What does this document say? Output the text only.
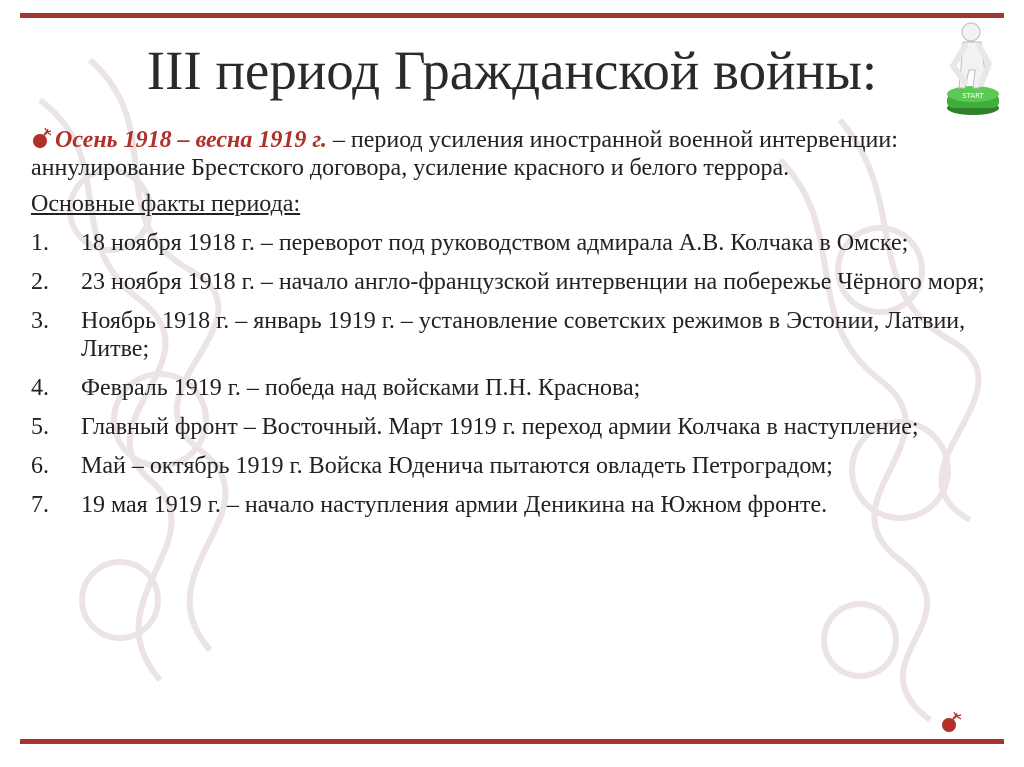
III период Гражданской войны:	START

Осень 1918 – весна 1919 г. – период усиления иностранной военной интервенции: аннулирование Брестского договора, усиление красного и белого террора.

Основные факты периода:

1.	18 ноября 1918 г. – переворот под руководством адмирала А.В. Колчака в Омске;
2.	23 ноября 1918 г. – начало англо-французской интервенции на побережье Чёрного моря;
3.	Ноябрь 1918 г. – январь 1919 г. – установление советских режимов в Эстонии, Латвии, Литве;
4.	Февраль 1919 г. – победа над войсками П.Н. Краснова;
5.	Главный фронт – Восточный. Март 1919 г. переход армии Колчака в наступление;
6.	Май – октябрь 1919 г. Войска Юденича пытаются овладеть Петроградом;
7.	19 мая 1919 г. – начало наступления армии Деникина на Южном фронте.
